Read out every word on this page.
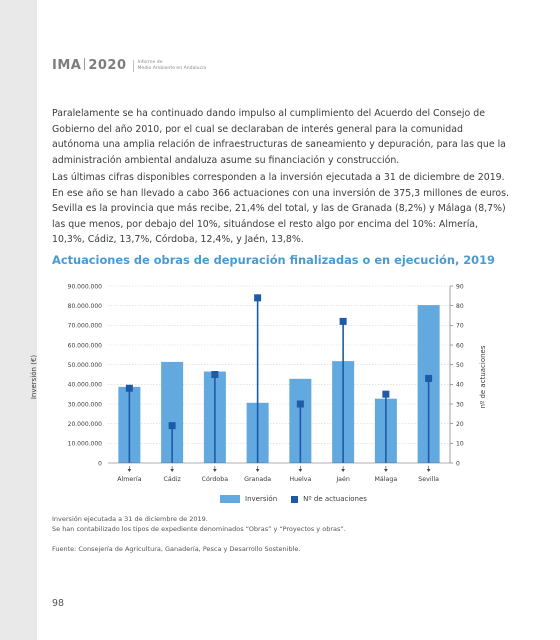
IMA 2020 Informe de
Medio Ambiente en Andalucía

Paralelamente se ha continuado dando impulso al cumplimiento del Acuerdo del Consejo de Gobierno del año 2010, por el cual se declaraban de interés general para la comunidad autónoma una amplia relación de infraestructuras de saneamiento y depuración, para las que la administración ambiental andaluza asume su financiación y construcción.

Las últimas cifras disponibles corresponden a la inversión ejecutada a 31 de diciembre de 2019. En ese año se han llevado a cabo 366 actuaciones con una inversión de 375,3 millones de euros. Sevilla es la provincia que más recibe, 21,4% del total, y las de Granada (8,2%) y Málaga (8,7%) las que menos, por debajo del 10%, situándose el resto algo por encima del 10%: Almería, 10,3%, Cádiz, 13,7%, Córdoba, 12,4%, y Jaén, 13,8%.

Actuaciones de obras de depuración finalizadas o en ejecución, 2019
0
10.000.000
20.000.000
30.000.000
40.000.000
50.000.000
60.000.000
70.000.000
80.000.000
90.000.000
0
10
20
30
40
50
60
70
80
90
Almería	Cádiz	Córdoba	Granada	Huelva	Jaén	Málaga	Sevilla
Inversión (€)	nº de actuaciones
Inversión	Nº de actuaciones
Inversión ejecutada a 31 de diciembre de 2019.
Se han contabilizado los tipos de expediente denominados “Obras” y “Proyectos y obras”.
Fuente: Consejería de Agricultura, Ganadería, Pesca y Desarrollo Sostenible.
98
